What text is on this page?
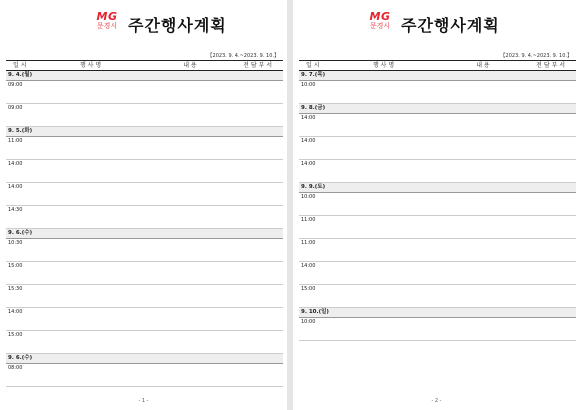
MG
문경시 주간행사계획
【2023. 9. 4.~2023. 9. 10.】
일 시	행 사 명	내 용	전 담 부 서
9. 4.(월)			
09:00			
09:00			
9. 5.(화)			
11:00			
14:00			
14:00			
14:30			
9. 6.(수)			
10:30			
15:00			
15:30			
14:00			
15:00			
9. 6.(수)			
08:00			
- 1 -
MG
문경시 주간행사계획
【2023. 9. 4.~2023. 9. 10.】
일 시	행 사 명	내 용	전 담 부 서
9. 7.(목)			
10:00			
9. 8.(금)			
14:00			
14:00			
14:00			
9. 9.(토)			
10:00			
11:00			
11:00			
14:00			
15:00			
9. 10.(일)			
10:00			
- 2 -
